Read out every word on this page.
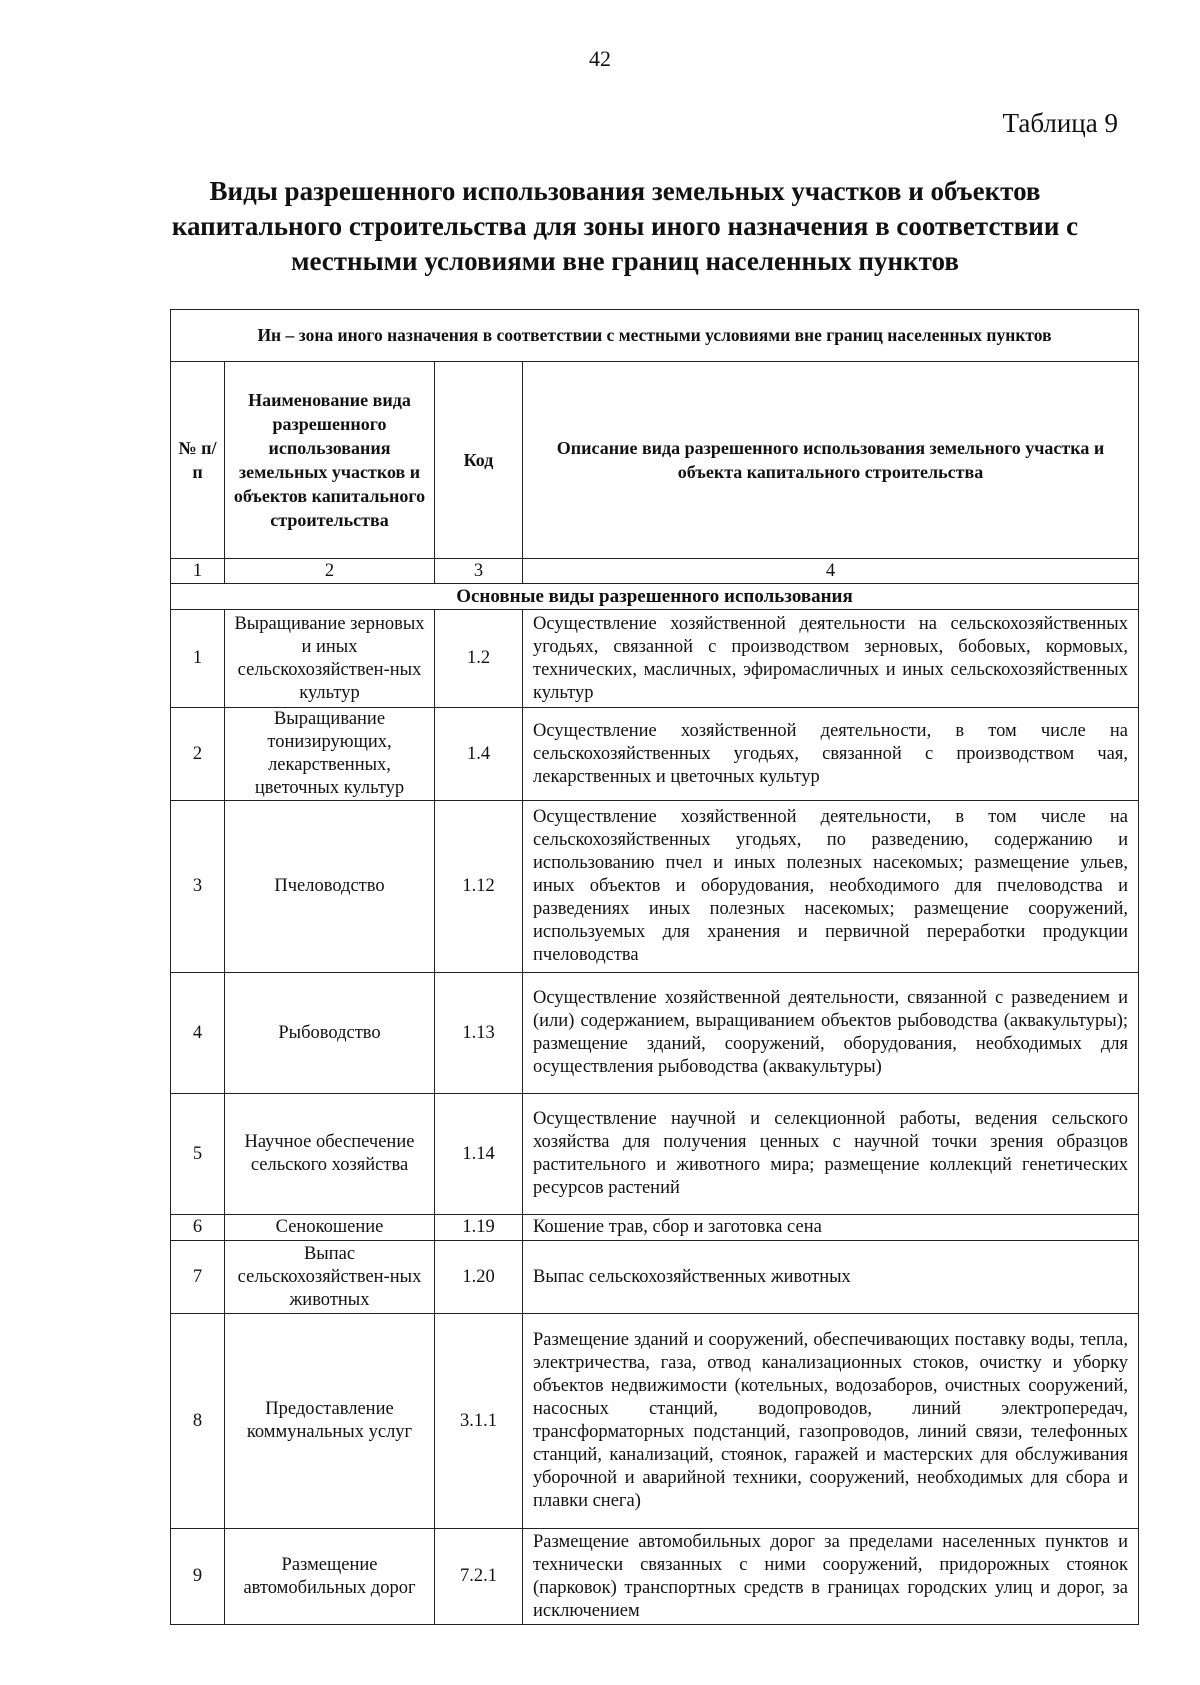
42
Таблица 9
Виды разрешенного использования земельных участков и объектов капитального строительства для зоны иного назначения в соответствии с местными условиями вне границ населенных пунктов
Ин – зона иного назначения в соответствии с местными условиями вне границ населенных пунктов			
№ п/п	Наименование вида разрешенного использования земельных участков и объектов капитального строительства	Код	Описание вида разрешенного использования земельного участка и объекта капитального строительства
1	2	3	4
Основные виды разрешенного использования			
1	Выращивание зерновых и иных сельскохозяйствен-ных культур	1.2	Осуществление хозяйственной деятельности на сельскохозяйственных угодьях, связанной с производством зерновых, бобовых, кормовых, технических, масличных, эфиромасличных и иных сельскохозяйственных культур
2	Выращивание тонизирующих, лекарственных, цветочных культур	1.4	Осуществление хозяйственной деятельности, в том числе на сельскохозяйственных угодьях, связанной с производством чая, лекарственных и цветочных культур
3	Пчеловодство	1.12	Осуществление хозяйственной деятельности, в том числе на сельскохозяйственных угодьях, по разведению, содержанию и использованию пчел и иных полезных насекомых; размещение ульев, иных объектов и оборудования, необходимого для пчеловодства и разведениях иных полезных насекомых; размещение сооружений, используемых для хранения и первичной переработки продукции пчеловодства
4	Рыбоводство	1.13	Осуществление хозяйственной деятельности, связанной с разведением и (или) содержанием, выращиванием объектов рыбоводства (аквакультуры); размещение зданий, сооружений, оборудования, необходимых для осуществления рыбоводства (аквакультуры)
5	Научное обеспечение сельского хозяйства	1.14	Осуществление научной и селекционной работы, ведения сельского хозяйства для получения ценных с научной точки зрения образцов растительного и животного мира; размещение коллекций генетических ресурсов растений
6	Сенокошение	1.19	Кошение трав, сбор и заготовка сена
7	Выпас сельскохозяйствен-ных животных	1.20	Выпас сельскохозяйственных животных
8	Предоставление коммунальных услуг	3.1.1	Размещение зданий и сооружений, обеспечивающих поставку воды, тепла, электричества, газа, отвод канализационных стоков, очистку и уборку объектов недвижимости (котельных, водозаборов, очистных сооружений, насосных станций, водопроводов, линий электропередач, трансформаторных подстанций, газопроводов, линий связи, телефонных станций, канализаций, стоянок, гаражей и мастерских для обслуживания уборочной и аварийной техники, сооружений, необходимых для сбора и плавки снега)
9	Размещение автомобильных дорог	7.2.1	Размещение автомобильных дорог за пределами населенных пунктов и технически связанных с ними сооружений, придорожных стоянок (парковок) транспортных средств в границах городских улиц и дорог, за исключением
